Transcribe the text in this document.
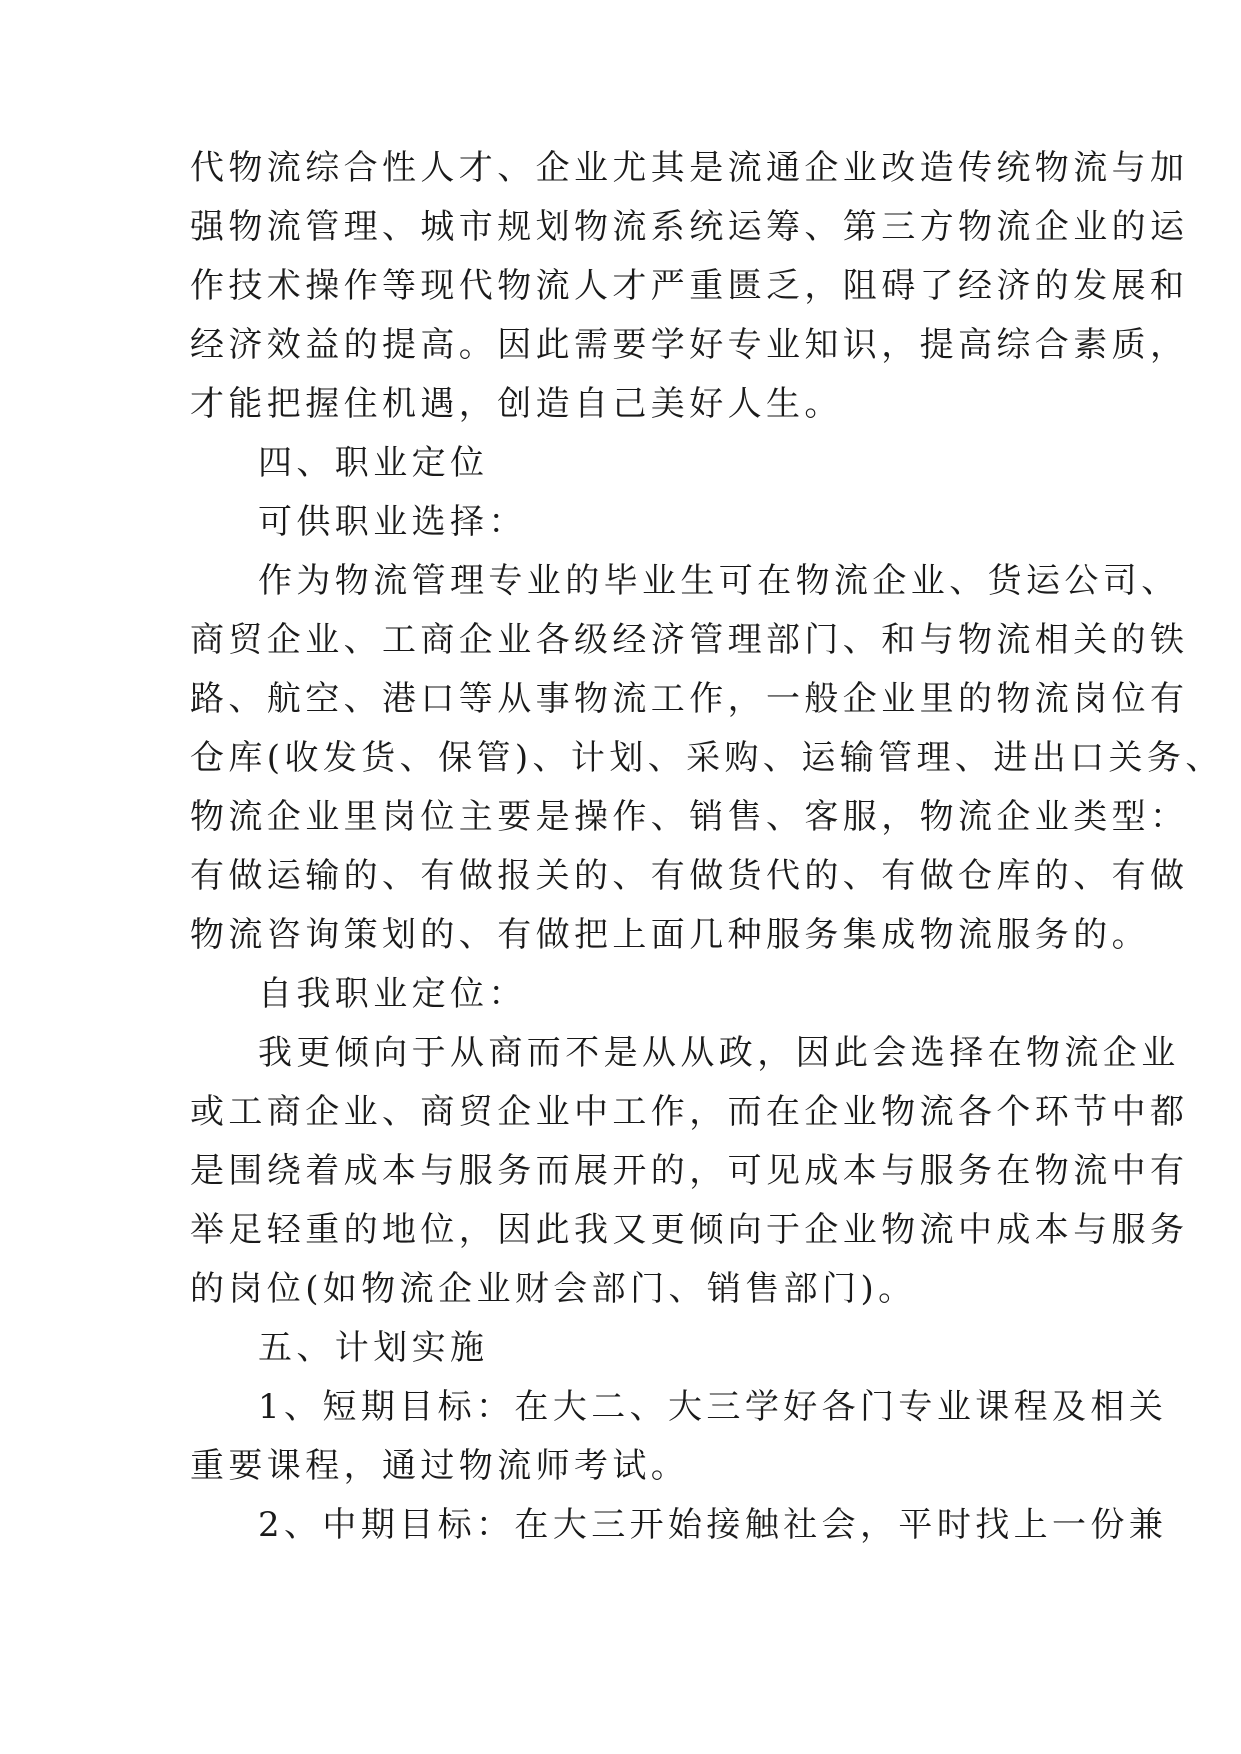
代物流综合性人才、企业尤其是流通企业改造传统物流与加
强物流管理、城市规划物流系统运筹、第三方物流企业的运
作技术操作等现代物流人才严重匮乏，阻碍了经济的发展和
经济效益的提高。因此需要学好专业知识，提高综合素质，
才能把握住机遇，创造自己美好人生。
四、职业定位
可供职业选择：
作为物流管理专业的毕业生可在物流企业、货运公司、
商贸企业、工商企业各级经济管理部门、和与物流相关的铁
路、航空、港口等从事物流工作，一般企业里的物流岗位有
仓库(收发货、保管)、计划、采购、运输管理、进出口关务、
物流企业里岗位主要是操作、销售、客服，物流企业类型：
有做运输的、有做报关的、有做货代的、有做仓库的、有做
物流咨询策划的、有做把上面几种服务集成物流服务的。
自我职业定位：
我更倾向于从商而不是从从政，因此会选择在物流企业
或工商企业、商贸企业中工作，而在企业物流各个环节中都
是围绕着成本与服务而展开的，可见成本与服务在物流中有
举足轻重的地位，因此我又更倾向于企业物流中成本与服务
的岗位(如物流企业财会部门、销售部门)。
五、计划实施
1、短期目标：在大二、大三学好各门专业课程及相关
重要课程，通过物流师考试。
2、中期目标：在大三开始接触社会，平时找上一份兼
